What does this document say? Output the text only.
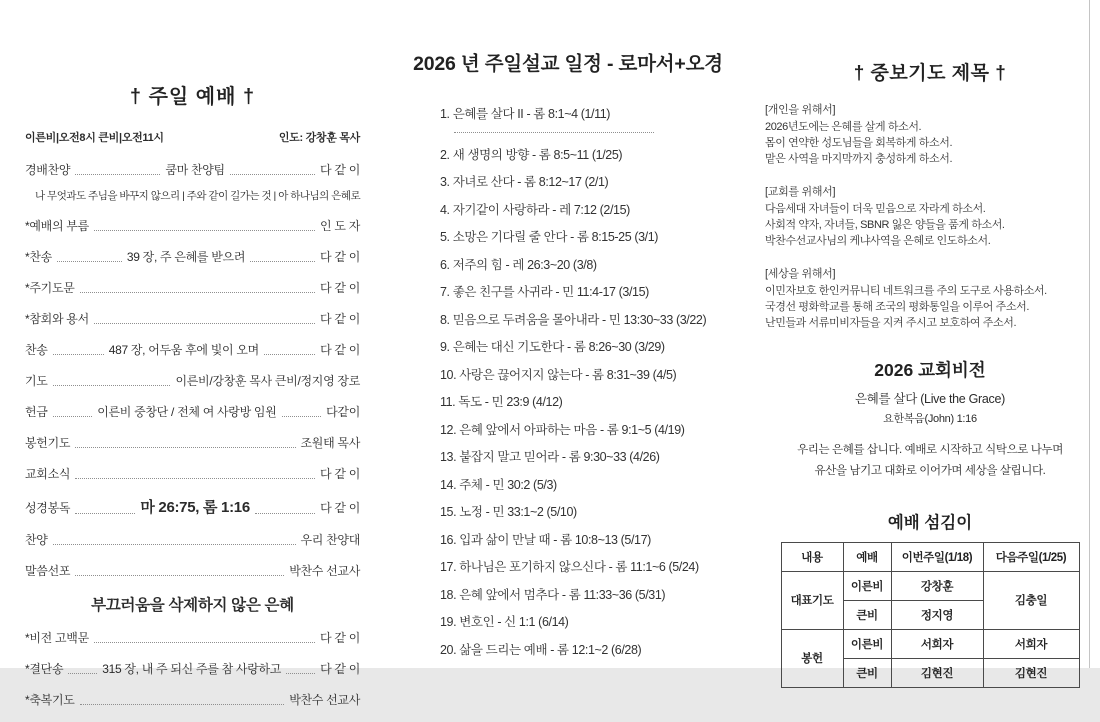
† 주일 예배 †
이른비|오전8시 큰비|오전11시	인도: 강창훈 목사
경배찬양	쿰마 찬양팀	다 같 이
나 무엇과도 주님을 바꾸지 않으리 | 주와 같이 길가는 것 | 아 하나님의 은혜로
*예배의 부름	인 도 자
*찬송	39 장, 주 은혜를 받으려	다 같 이
*주기도문	다 같 이
*참회와 용서	다 같 이
찬송	487 장, 어두움 후에 빛이 오며	다 같 이
기도	이른비/강창훈 목사 큰비/정지영 장로
헌금	이른비 중창단 / 전체 여 사랑방 임원	다같이
봉헌기도	조원태 목사
교회소식	다 같 이
성경봉독	마 26:75, 롬 1:16	다 같 이
찬양	우리 찬양대
말씀선포	박찬수 선교사
부끄러움을 삭제하지 않은 은혜
*비전 고백문	다 같 이
*결단송	315 장, 내 주 되신 주를 참 사랑하고	다 같 이
*축복기도	박찬수 선교사
2026 년 주일설교 일정 - 로마서+오경
1. 은혜를 살다 II - 롬 8:1~4 (1/11)
2. 새 생명의 방향 - 롬 8:5~11 (1/25)
3. 자녀로 산다 - 롬 8:12~17 (2/1)
4. 자기같이 사랑하라 - 레 7:12 (2/15)
5. 소망은 기다릴 줄 안다 - 롬 8:15-25 (3/1)
6. 저주의 힘 - 레 26:3~20 (3/8)
7. 좋은 친구를 사귀라 - 민 11:4-17 (3/15)
8. 믿음으로 두려움을 몰아내라 - 민 13:30~33 (3/22)
9. 은혜는 대신 기도한다 - 롬 8:26~30 (3/29)
10. 사랑은 끊어지지 않는다 - 롬 8:31~39 (4/5)
11. 독도 - 민 23:9 (4/12)
12. 은혜 앞에서 아파하는 마음 - 롬 9:1~5 (4/19)
13. 붙잡지 말고 믿어라 - 롬 9:30~33 (4/26)
14. 주체 - 민 30:2 (5/3)
15. 노정 - 민 33:1~2 (5/10)
16. 입과 삶이 만날 때 - 롬 10:8~13 (5/17)
17. 하나님은 포기하지 않으신다 - 롬 11:1~6 (5/24)
18. 은혜 앞에서 멈추다 - 롬 11:33~36 (5/31)
19. 변호인 - 신 1:1 (6/14)
20. 삶을 드리는 예배 - 롬 12:1~2 (6/28)
† 중보기도 제목 †
[개인을 위해서]
2026년도에는 은혜를 살게 하소서.
몸이 연약한 성도님들을 회복하게 하소서.
맡은 사역을 마지막까지 충성하게 하소서.
[교회를 위해서]
다음세대 자녀들이 더욱 믿음으로 자라게 하소서.
사회적 약자, 자녀들, SBNR 잃은 양들을 품게 하소서.
박찬수선교사님의 케냐사역을 은혜로 인도하소서.
[세상을 위해서]
이민자보호 한인커뮤니티 네트워크를 주의 도구로 사용하소서.
국경선 평화학교를 통해 조국의 평화통일을 이루어 주소서.
난민들과 서류미비자들을 지켜 주시고 보호하여 주소서.
2026 교회비전
은혜를 살다 (Live the Grace)
요한복음(John) 1:16
우리는 은혜를 삽니다. 예배로 시작하고 식탁으로 나누며
유산을 남기고 대화로 이어가며 세상을 살립니다.
예배 섬김이
내용	예배	이번주일(1/18)	다음주일(1/25)
대표기도	이른비	강창훈	김충일
	큰비	정지영	
봉헌	이른비	서희자	서희자
	큰비	김현진	김현진
